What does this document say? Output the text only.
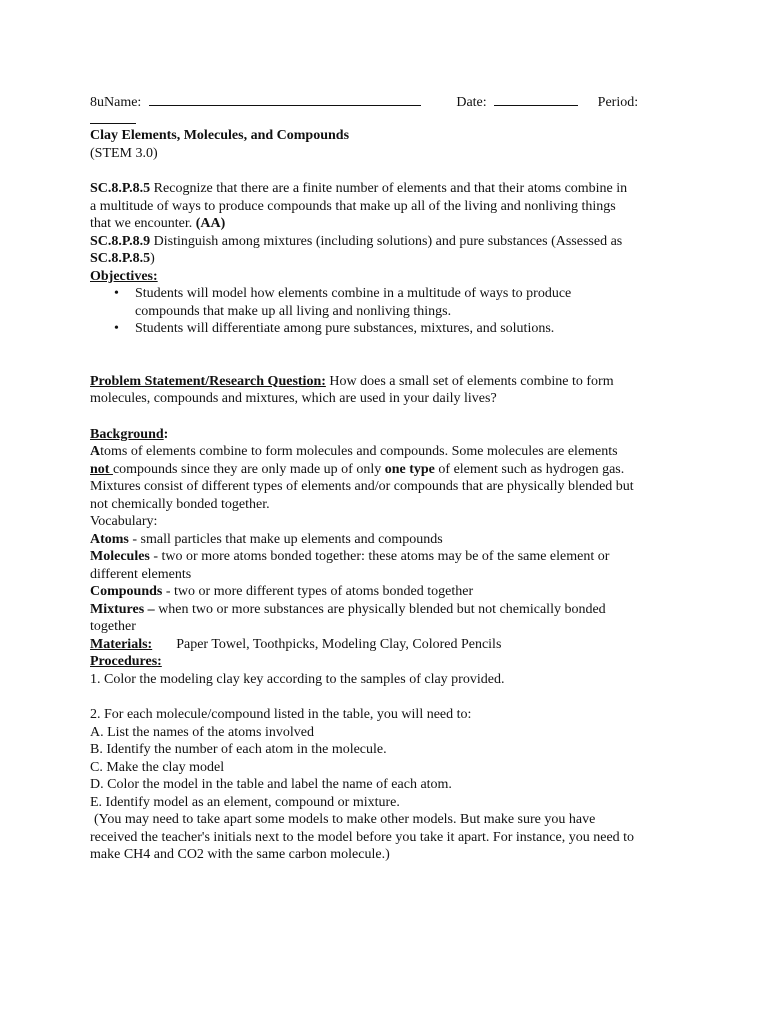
8uName:	Date:	Period:
Clay Elements, Molecules, and Compounds
(STEM 3.0)
SC.8.P.8.5 Recognize that there are a finite number of elements and that their atoms combine in
a multitude of ways to produce compounds that make up all of the living and nonliving things
that we encounter. (AA)
SC.8.P.8.9 Distinguish among mixtures (including solutions) and pure substances (Assessed as
SC.8.P.8.5)
Objectives:
• Students will model how elements combine in a multitude of ways to produce
compounds that make up all living and nonliving things.
• Students will differentiate among pure substances, mixtures, and solutions.
Problem Statement/Research Question: How does a small set of elements combine to form
molecules, compounds and mixtures, which are used in your daily lives?
Background:
Atoms of elements combine to form molecules and compounds. Some molecules are elements
not compounds since they are only made up of only one type of element such as hydrogen gas.
Mixtures consist of different types of elements and/or compounds that are physically blended but
not chemically bonded together.
Vocabulary:
Atoms - small particles that make up elements and compounds
Molecules - two or more atoms bonded together: these atoms may be of the same element or
different elements
Compounds - two or more different types of atoms bonded together
Mixtures – when two or more substances are physically blended but not chemically bonded
together
Materials: Paper Towel, Toothpicks, Modeling Clay, Colored Pencils
Procedures:
1. Color the modeling clay key according to the samples of clay provided.
2. For each molecule/compound listed in the table, you will need to:
A. List the names of the atoms involved
B. Identify the number of each atom in the molecule.
C. Make the clay model
D. Color the model in the table and label the name of each atom.
E. Identify model as an element, compound or mixture.
(You may need to take apart some models to make other models. But make sure you have
received the teacher's initials next to the model before you take it apart. For instance, you need to
make CH4 and CO2 with the same carbon molecule.)
